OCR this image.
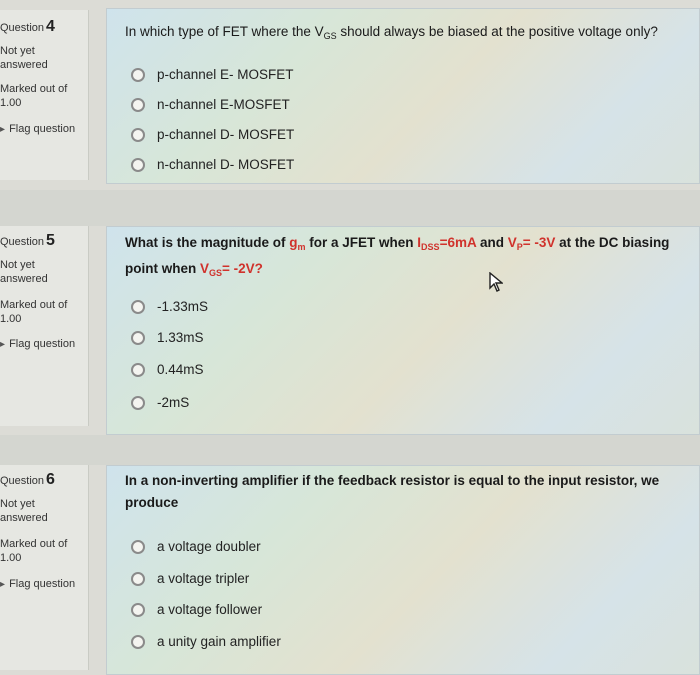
Question 4
Not yet
answered
Marked out of
1.00
▸ Flag question
In which type of FET where the $V_{GS}$ should always be biased at the positive voltage only?
p-channel E- MOSFET
n-channel E-MOSFET
p-channel D- MOSFET
n-channel D- MOSFET
Question 5
Not yet
answered
Marked out of
1.00
▸ Flag question
What is the magnitude of $g_m$ for a JFET when $I_{DSS}=6mA$ and $V_P= -3V$ at the DC biasing
point when $V_{GS}= -2V$?
-1.33mS
1.33mS
0.44mS
-2mS
Question 6
Not yet
answered
Marked out of
1.00
▸ Flag question
In a non-inverting amplifier if the feedback resistor is equal to the input resistor, we
produce
a voltage doubler
a voltage tripler
a voltage follower
a unity gain amplifier
